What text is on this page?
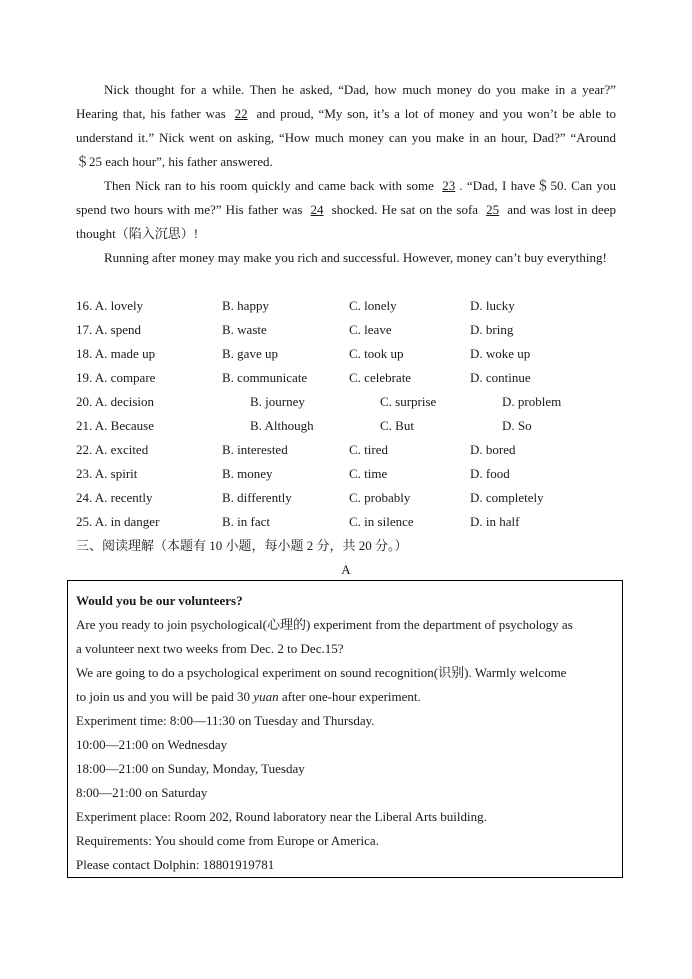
Nick thought for a while. Then he asked, “Dad, how much money do you make in a year?” Hearing that, his father was 22 and proud, “My son, it’s a lot of money and you won’t be able to understand it.” Nick went on asking, “How much money can you make in an hour, Dad?” “Around ＄25 each hour”, his father answered.
Then Nick ran to his room quickly and came back with some 23 . “Dad, I have＄50. Can you spend two hours with me?” His father was 24 shocked. He sat on the sofa 25 and was lost in deep thought（陷入沉思）!
Running after money may make you rich and successful. However, money can’t buy everything!
16. A. lovely	B. happy	C. lonely	D. lucky
17. A. spend	B. waste	C. leave	D. bring
18. A. made up	B. gave up	C. took up	D. woke up
19. A. compare	B. communicate	C. celebrate	D. continue
20. A. decision	B. journey	C. surprise	D. problem
21. A. Because	B. Although	C. But	D. So
22. A. excited	B. interested	C. tired	D. bored
23. A. spirit	B. money	C. time	D. food
24. A. recently	B. differently	C. probably	D. completely
25. A. in danger	B. in fact	C. in silence	D. in half
三、阅读理解（本题有 10 小题，每小题 2 分，共 20 分。）
A
Would you be our volunteers?
Are you ready to join psychological(心理的) experiment from the department of psychology as
a volunteer next two weeks from Dec. 2 to Dec.15?
We are going to do a psychological experiment on sound recognition(识别). Warmly welcome
to join us and you will be paid 30 yuan after one-hour experiment.
Experiment time: 8:00—11:30 on Tuesday and Thursday.
10:00—21:00 on Wednesday
18:00—21:00 on Sunday, Monday, Tuesday
8:00—21:00 on Saturday
Experiment place: Room 202, Round laboratory near the Liberal Arts building.
Requirements: You should come from Europe or America.
Please contact Dolphin: 18801919781
